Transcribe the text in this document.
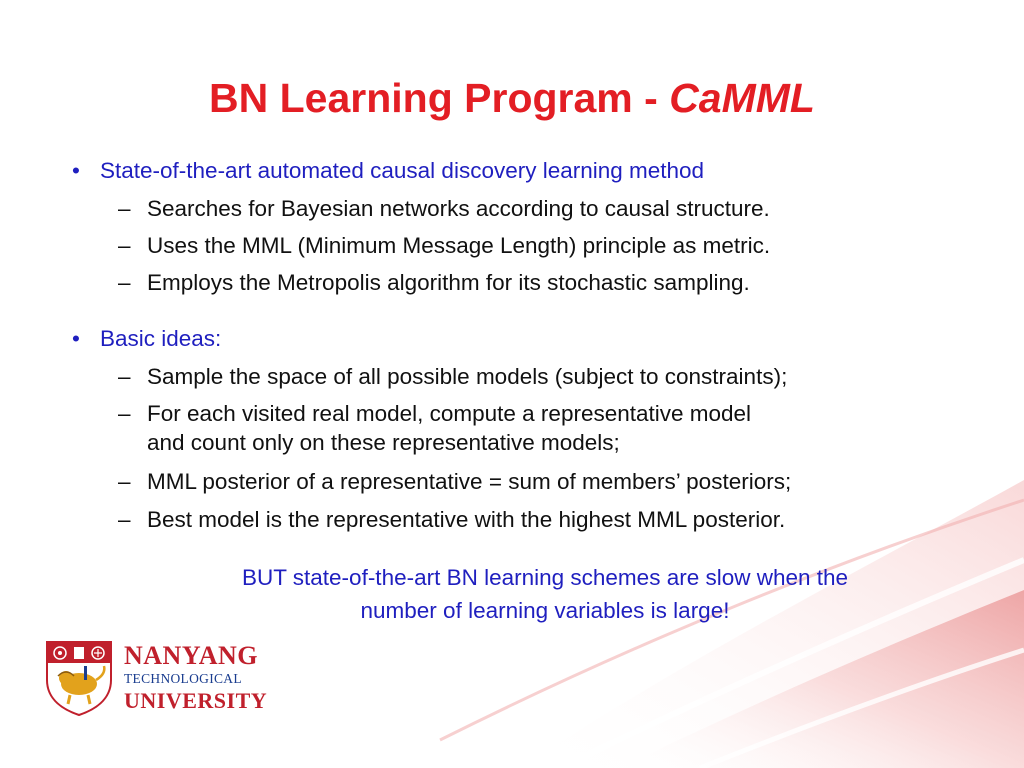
BN Learning Program - CaMML
• State-of-the-art automated causal discovery learning method
– Searches for Bayesian networks according to causal structure.
– Uses the MML (Minimum Message Length) principle as metric.
– Employs the Metropolis algorithm for its stochastic sampling.
• Basic ideas:
– Sample the space of all possible models (subject to constraints);
– For each visited real model, compute a representative model
and count only on these representative models;
– MML posterior of a representative = sum of members’ posteriors;
– Best model is the representative with the highest MML posterior.
BUT state-of-the-art BN learning schemes are slow when the
number of learning variables is large!
NANYANG
TECHNOLOGICAL
UNIVERSITY
